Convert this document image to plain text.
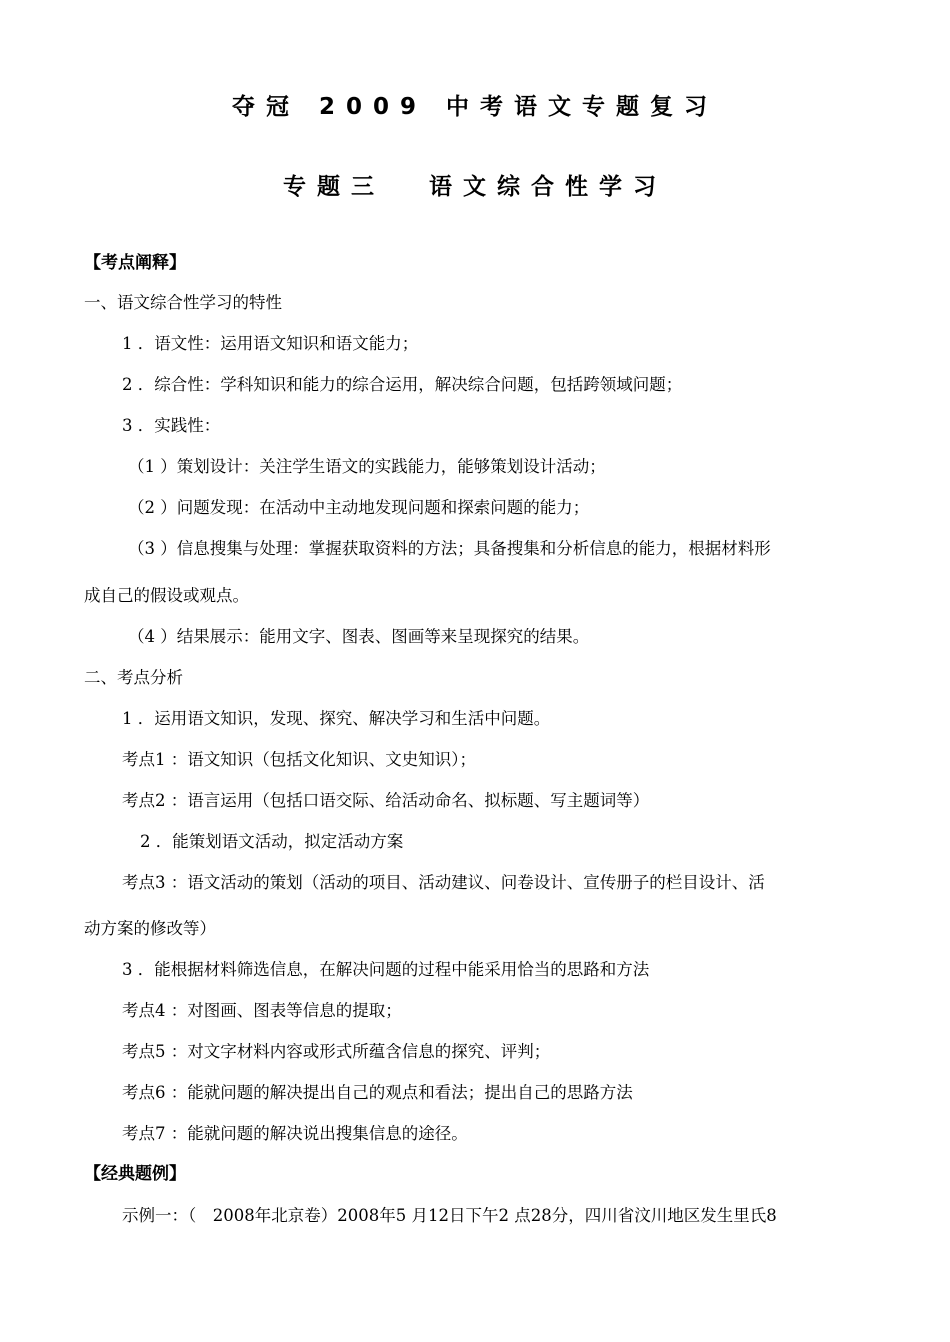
夺冠 2009 中考语文专题复习
专题三 语文综合性学习
【考点阐释】
一、语文综合性学习的特性
1 ．语文性：运用语文知识和语文能力；
2 ．综合性：学科知识和能力的综合运用，解决综合问题，包括跨领域问题；
3 ．实践性：
（1 ）策划设计：关注学生语文的实践能力，能够策划设计活动；
（2 ）问题发现：在活动中主动地发现问题和探索问题的能力；
（3 ）信息搜集与处理：掌握获取资料的方法；具备搜集和分析信息的能力，根据材料形
成自己的假设或观点。
（4 ）结果展示：能用文字、图表、图画等来呈现探究的结果。
二、考点分析
1 ．运用语文知识，发现、探究、解决学习和生活中问题。
考点1 ：语文知识（包括文化知识、文史知识）；
考点2 ：语言运用（包括口语交际、给活动命名、拟标题、写主题词等）
2 ．能策划语文活动，拟定活动方案
考点3 ：语文活动的策划（活动的项目、活动建议、问卷设计、宣传册子的栏目设计、活
动方案的修改等）
3 ．能根据材料筛选信息，在解决问题的过程中能采用恰当的思路和方法
考点4 ：对图画、图表等信息的提取；
考点5 ：对文字材料内容或形式所蕴含信息的探究、评判；
考点6 ：能就问题的解决提出自己的观点和看法；提出自己的思路方法
考点7 ：能就问题的解决说出搜集信息的途径。
【经典题例】
示例一：（　2008年北京卷）2008年5 月12日下午2 点28分，四川省汶川地区发生里氏8
